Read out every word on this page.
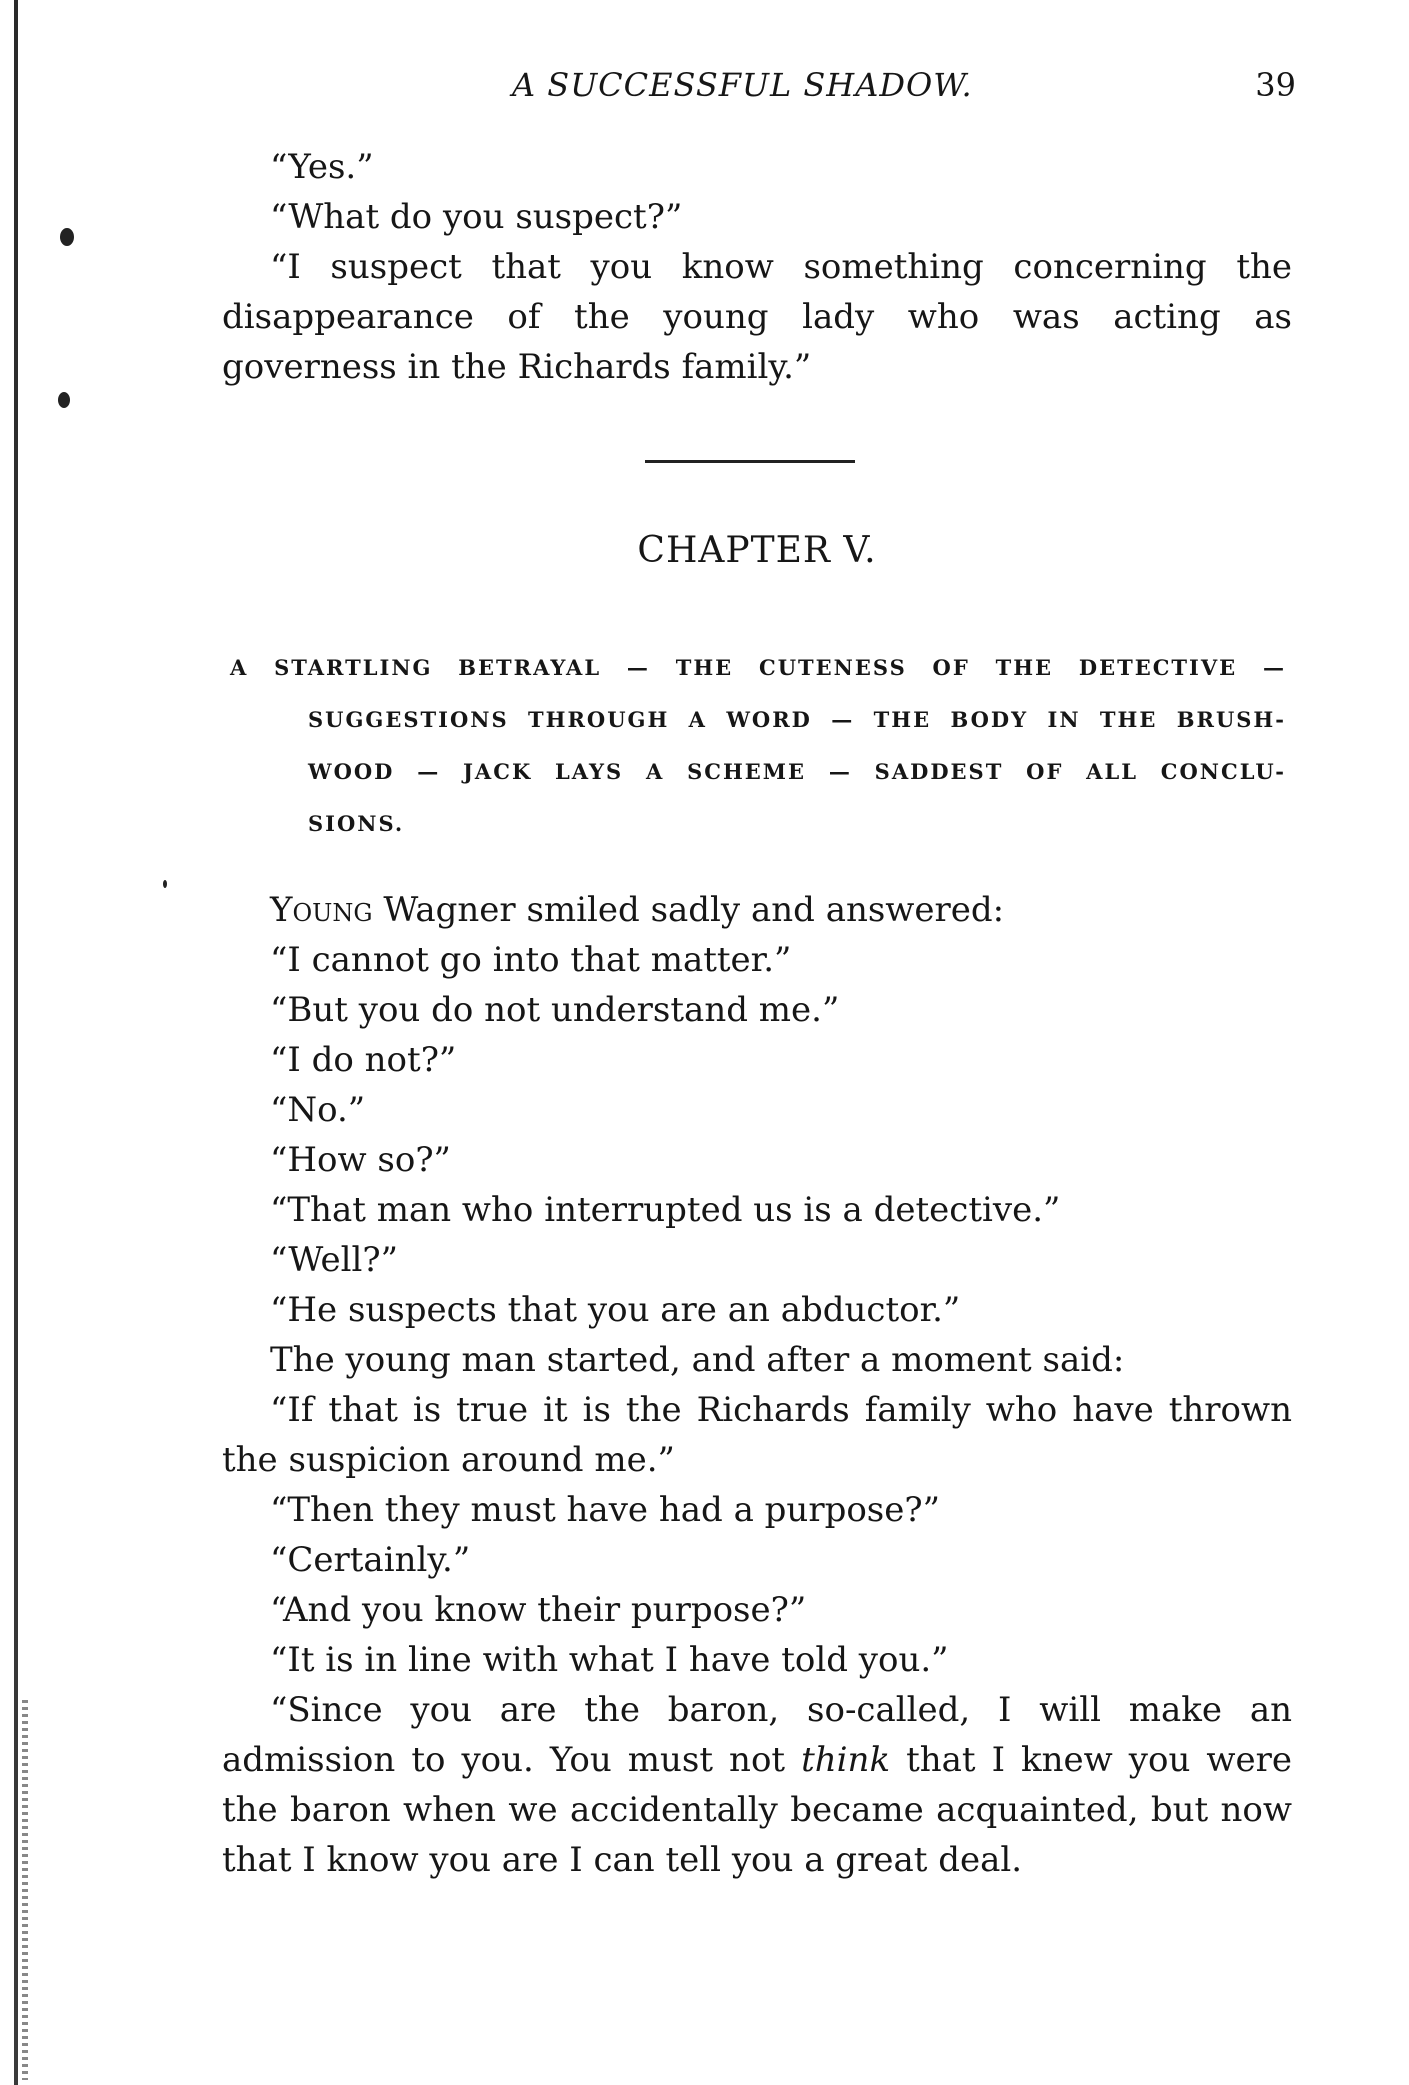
A SUCCESSFUL SHADOW.	39

“Yes.”

“What do you suspect?”

“I suspect that you know something concerning the disappearance of the young lady who was acting as governess in the Richards family.”

CHAPTER V.
A STARTLING BETRAYAL — THE CUTENESS OF THE DETECTIVE —
SUGGESTIONS THROUGH A WORD — THE BODY IN THE BRUSH-
WOOD — JACK LAYS A SCHEME — SADDEST OF ALL CONCLU-
SIONS.

Young Wagner smiled sadly and answered:

“I cannot go into that matter.”

“But you do not understand me.”

“I do not?”

“No.”

“How so?”

“That man who interrupted us is a detective.”

“Well?”

“He suspects that you are an abductor.”

The young man started, and after a moment said:

“If that is true it is the Richards family who have thrown the suspicion around me.”

“Then they must have had a purpose?”

“Certainly.”

“And you know their purpose?”

“It is in line with what I have told you.”

“Since you are the baron, so-called, I will make an admission to you. You must not think that I knew you were the baron when we accidentally became acquainted, but now that I know you are I can tell you a great deal.
